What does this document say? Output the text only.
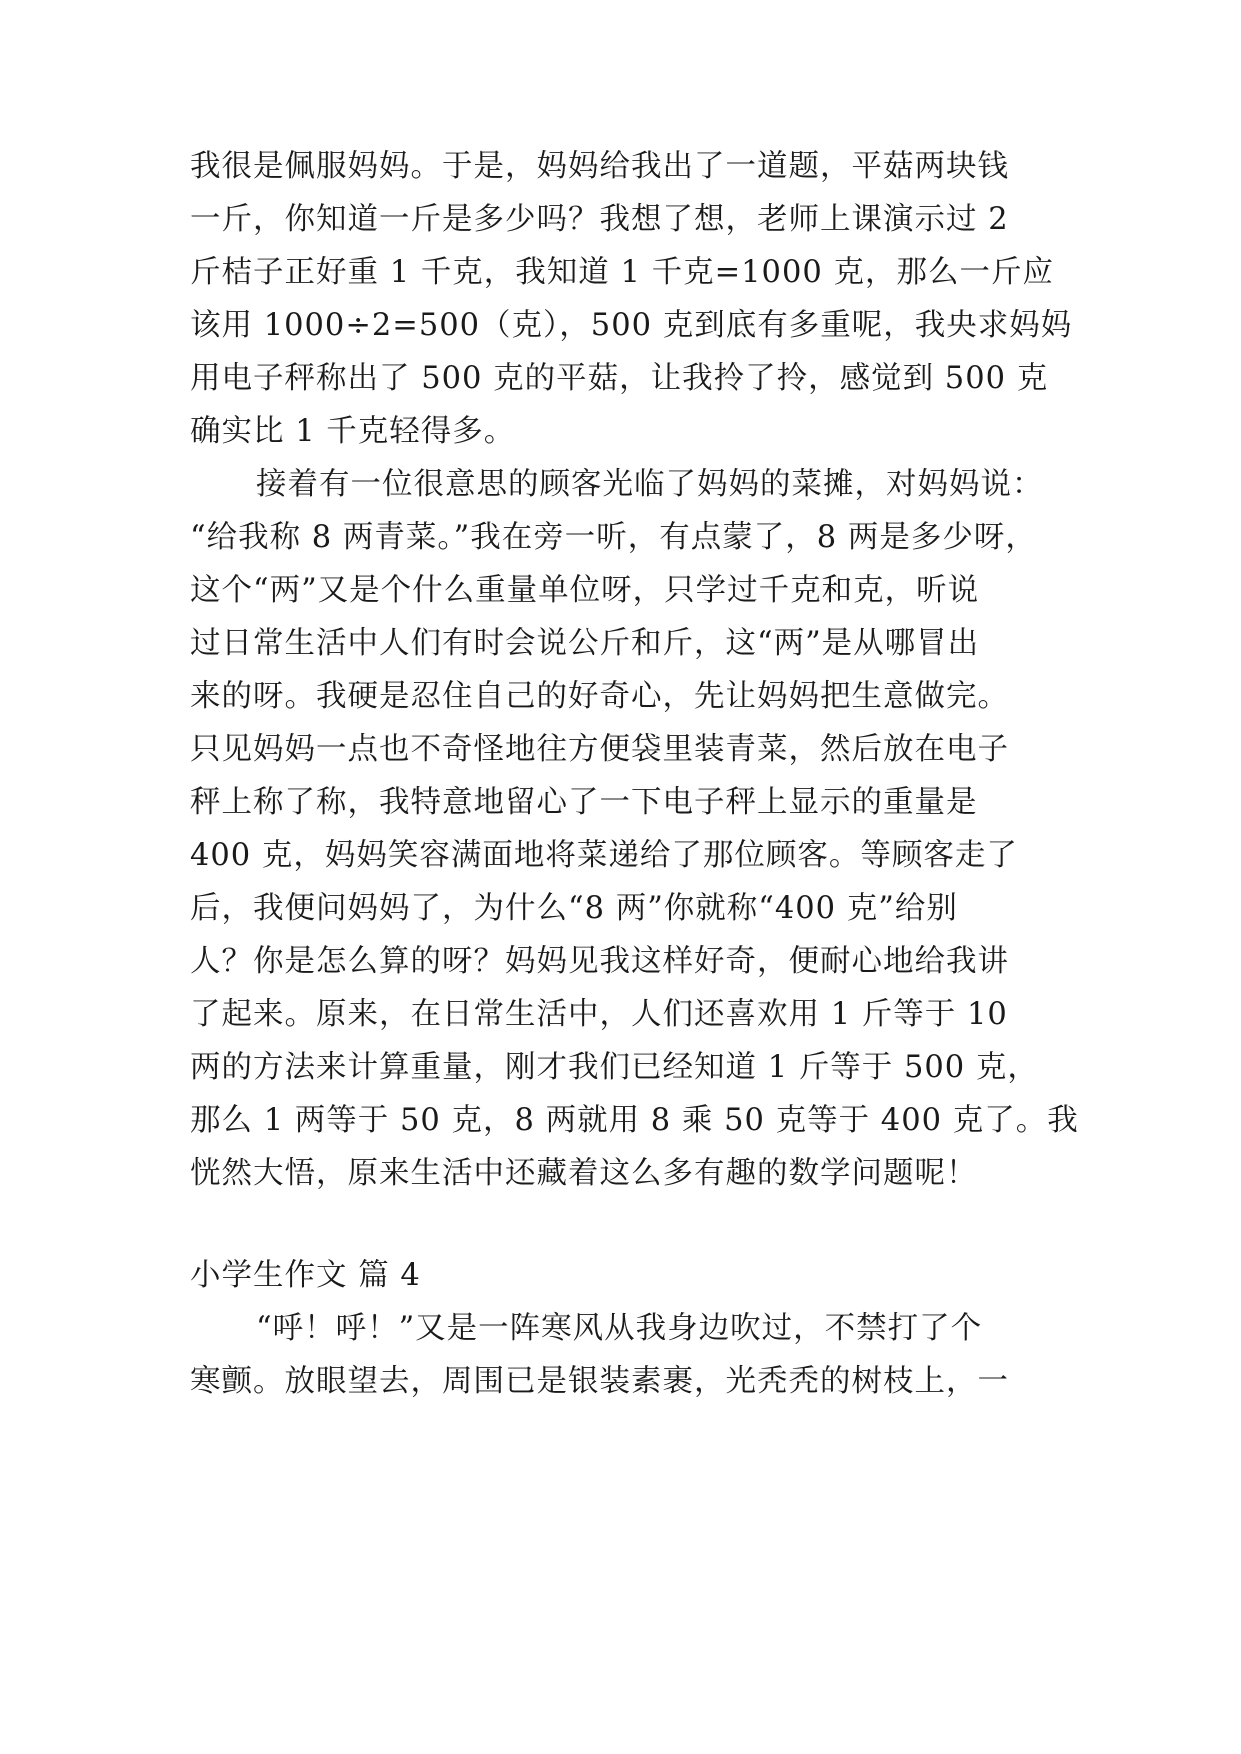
我很是佩服妈妈。于是，妈妈给我出了一道题，平菇两块钱
一斤，你知道一斤是多少吗？我想了想，老师上课演示过 2
斤桔子正好重 1 千克，我知道 1 千克=1000 克，那么一斤应
该用 1000÷2=500（克），500 克到底有多重呢，我央求妈妈
用电子秤称出了 500 克的平菇，让我拎了拎，感觉到 500 克
确实比 1 千克轻得多。
接着有一位很意思的顾客光临了妈妈的菜摊，对妈妈说：
“给我称 8 两青菜。”我在旁一听，有点蒙了，8 两是多少呀，
这个“两”又是个什么重量单位呀，只学过千克和克，听说
过日常生活中人们有时会说公斤和斤，这“两”是从哪冒出
来的呀。我硬是忍住自己的好奇心，先让妈妈把生意做完。
只见妈妈一点也不奇怪地往方便袋里装青菜，然后放在电子
秤上称了称，我特意地留心了一下电子秤上显示的重量是
400 克，妈妈笑容满面地将菜递给了那位顾客。等顾客走了
后，我便问妈妈了，为什么“8 两”你就称“400 克”给别
人？你是怎么算的呀？妈妈见我这样好奇，便耐心地给我讲
了起来。原来，在日常生活中，人们还喜欢用 1 斤等于 10
两的方法来计算重量，刚才我们已经知道 1 斤等于 500 克，
那么 1 两等于 50 克，8 两就用 8 乘 50 克等于 400 克了。我
恍然大悟，原来生活中还藏着这么多有趣的数学问题呢！
小学生作文 篇 4
“呼！呼！”又是一阵寒风从我身边吹过，不禁打了个
寒颤。放眼望去，周围已是银装素裹，光秃秃的树枝上，一
